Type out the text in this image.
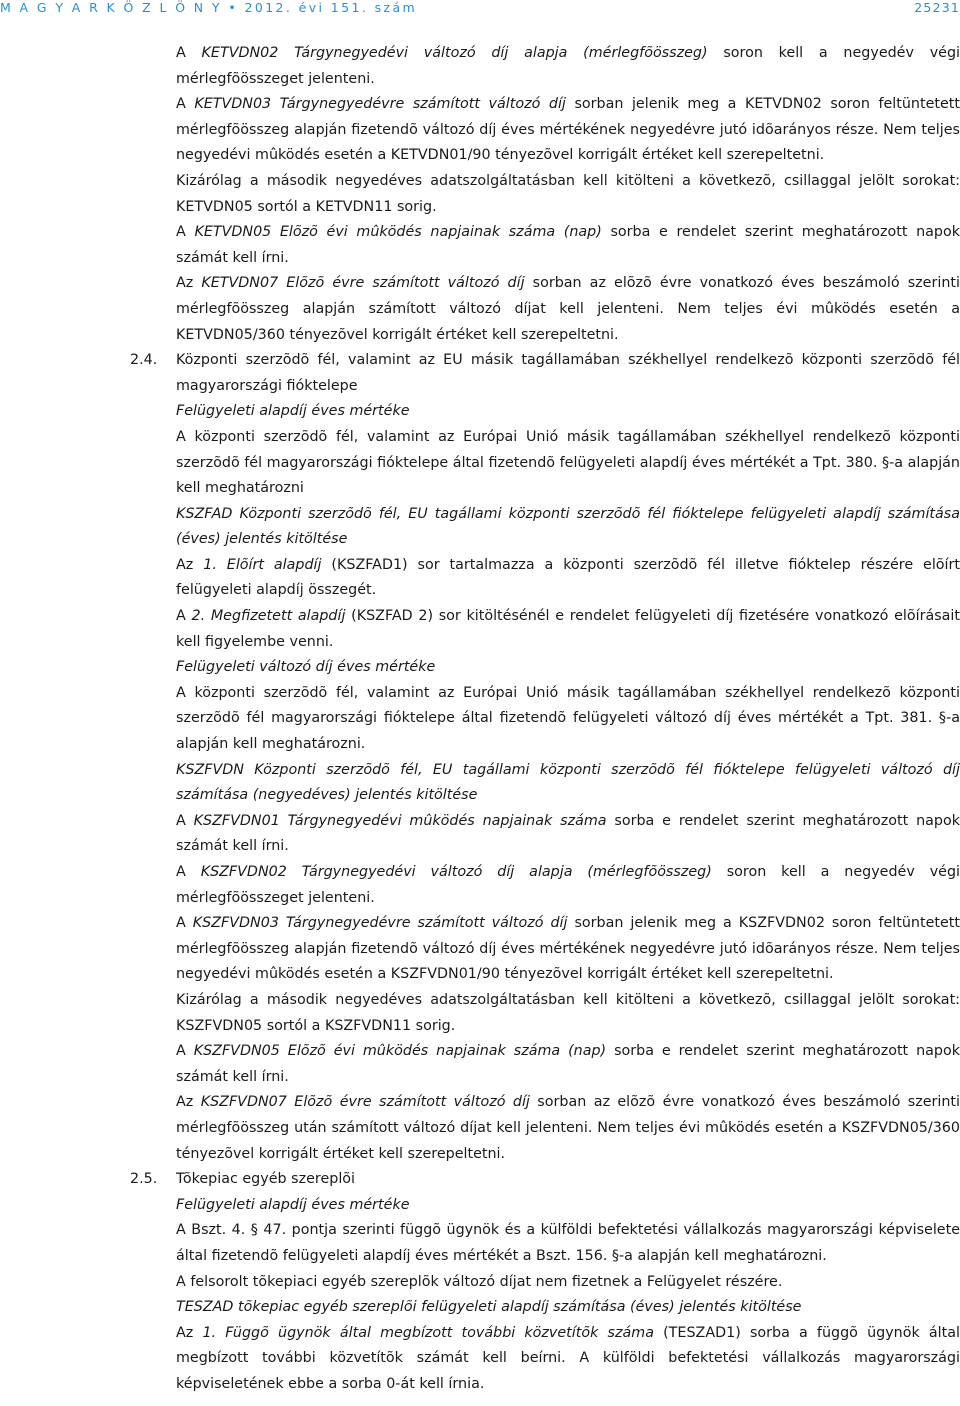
M A G Y A R K Ö Z L Ö N Y • 2012. évi 151. szám	25231

A KETVDN02 Tárgynegyedévi változó díj alapja (mérlegfõösszeg) soron kell a negyedév végi mérlegfõösszeget jelenteni.

A KETVDN03 Tárgynegyedévre számított változó díj sorban jelenik meg a KETVDN02 soron feltüntetett mérlegfõösszeg alapján fizetendõ változó díj éves mértékének negyedévre jutó idõarányos része. Nem teljes negyedévi mûködés esetén a KETVDN01/90 tényezõvel korrigált értéket kell szerepeltetni.

Kizárólag a második negyedéves adatszolgáltatásban kell kitölteni a következõ, csillaggal jelölt sorokat: KETVDN05 sortól a KETVDN11 sorig.

A KETVDN05 Elõzõ évi mûködés napjainak száma (nap) sorba e rendelet szerint meghatározott napok számát kell írni.

Az KETVDN07 Elõzõ évre számított változó díj sorban az elõzõ évre vonatkozó éves beszámoló szerinti mérlegfõösszeg alapján számított változó díjat kell jelenteni. Nem teljes évi mûködés esetén a KETVDN05/360 tényezõvel korrigált értéket kell szerepeltetni.

2.4. Központi szerzõdõ fél, valamint az EU másik tagállamában székhellyel rendelkezõ központi szerzõdõ fél magyarországi fióktelepe

Felügyeleti alapdíj éves mértéke

A központi szerzõdõ fél, valamint az Európai Unió másik tagállamában székhellyel rendelkezõ központi szerzõdõ fél magyarországi fióktelepe által fizetendõ felügyeleti alapdíj éves mértékét a Tpt. 380. §-a alapján kell meghatározni

KSZFAD Központi szerzõdõ fél, EU tagállami központi szerzõdõ fél fióktelepe felügyeleti alapdíj számítása (éves) jelentés kitöltése

Az 1. Elõírt alapdíj (KSZFAD1) sor tartalmazza a központi szerzõdõ fél illetve fióktelep részére elõírt felügyeleti alapdíj összegét.

A 2. Megfizetett alapdíj (KSZFAD 2) sor kitöltésénél e rendelet felügyeleti díj fizetésére vonatkozó elõírásait kell figyelembe venni.

Felügyeleti változó díj éves mértéke

A központi szerzõdõ fél, valamint az Európai Unió másik tagállamában székhellyel rendelkezõ központi szerzõdõ fél magyarországi fióktelepe által fizetendõ felügyeleti változó díj éves mértékét a Tpt. 381. §-a alapján kell meghatározni.

KSZFVDN Központi szerzõdõ fél, EU tagállami központi szerzõdõ fél fióktelepe felügyeleti változó díj számítása (negyedéves) jelentés kitöltése

A KSZFVDN01 Tárgynegyedévi mûködés napjainak száma sorba e rendelet szerint meghatározott napok számát kell írni.

A KSZFVDN02 Tárgynegyedévi változó díj alapja (mérlegfõösszeg) soron kell a negyedév végi mérlegfõösszeget jelenteni.

A KSZFVDN03 Tárgynegyedévre számított változó díj sorban jelenik meg a KSZFVDN02 soron feltüntetett mérlegfõösszeg alapján fizetendõ változó díj éves mértékének negyedévre jutó idõarányos része. Nem teljes negyedévi mûködés esetén a KSZFVDN01/90 tényezõvel korrigált értéket kell szerepeltetni.

Kizárólag a második negyedéves adatszolgáltatásban kell kitölteni a következõ, csillaggal jelölt sorokat: KSZFVDN05 sortól a KSZFVDN11 sorig.

A KSZFVDN05 Elõzõ évi mûködés napjainak száma (nap) sorba e rendelet szerint meghatározott napok számát kell írni.

Az KSZFVDN07 Elõzõ évre számított változó díj sorban az elõzõ évre vonatkozó éves beszámoló szerinti mérlegfõösszeg után számított változó díjat kell jelenteni. Nem teljes évi mûködés esetén a KSZFVDN05/360 tényezõvel korrigált értéket kell szerepeltetni.

2.5. Tõkepiac egyéb szereplõi

Felügyeleti alapdíj éves mértéke

A Bszt. 4. § 47. pontja szerinti függõ ügynök és a külföldi befektetési vállalkozás magyarországi képviselete által fizetendõ felügyeleti alapdíj éves mértékét a Bszt. 156. §-a alapján kell meghatározni.

A felsorolt tõkepiaci egyéb szereplõk változó díjat nem fizetnek a Felügyelet részére.

TESZAD tõkepiac egyéb szereplõi felügyeleti alapdíj számítása (éves) jelentés kitöltése

Az 1. Függõ ügynök által megbízott további közvetítõk száma (TESZAD1) sorba a függõ ügynök által megbízott további közvetítõk számát kell beírni. A külföldi befektetési vállalkozás magyarországi képviseletének ebbe a sorba 0-át kell írnia.
